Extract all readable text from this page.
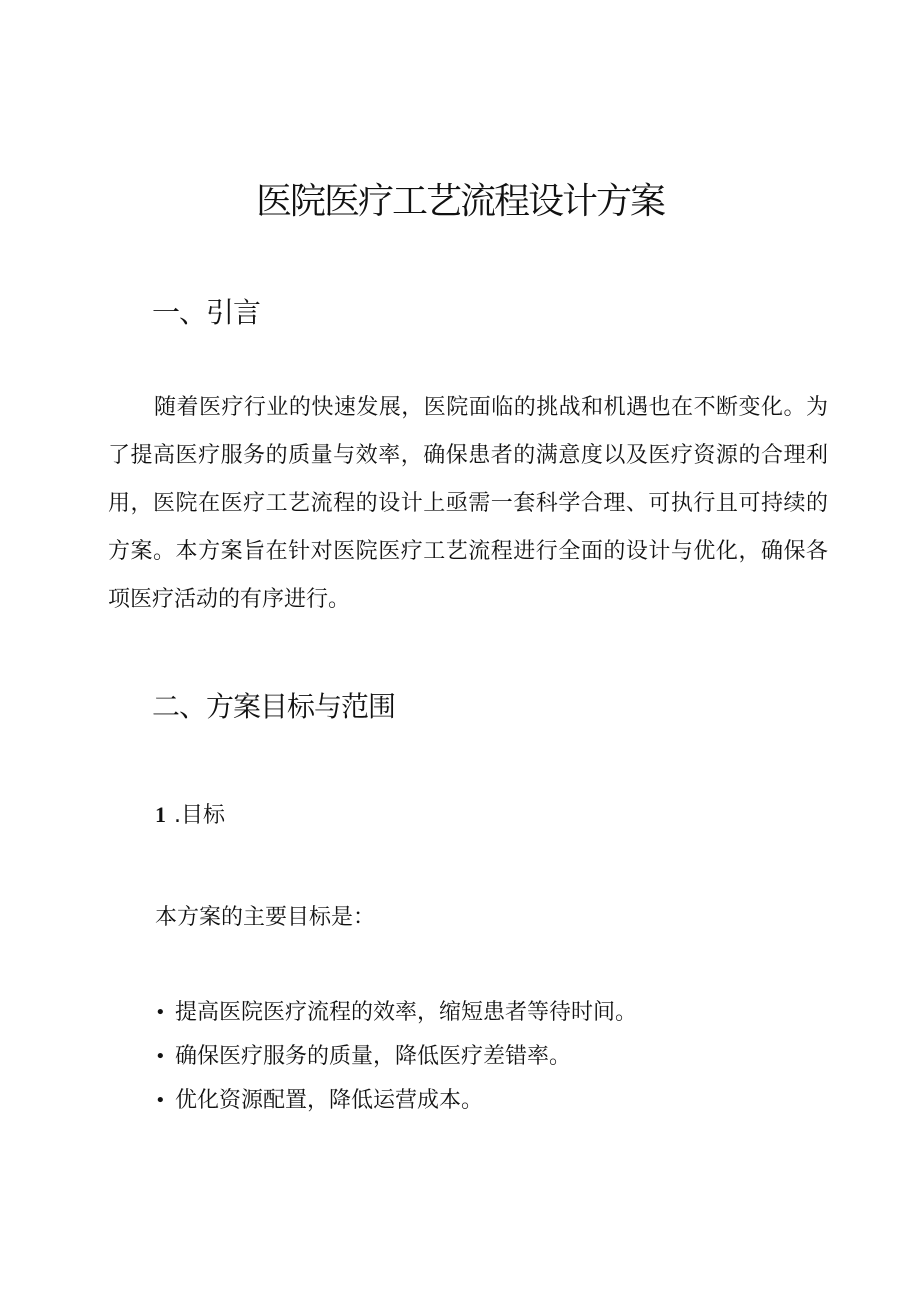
医院医疗工艺流程设计方案
一、引言

随着医疗行业的快速发展，医院面临的挑战和机遇也在不断变化。为了提高医疗服务的质量与效率，确保患者的满意度以及医疗资源的合理利用，医院在医疗工艺流程的设计上亟需一套科学合理、可执行且可持续的方案。本方案旨在针对医院医疗工艺流程进行全面的设计与优化，确保各项医疗活动的有序进行。

二、方案目标与范围
1 .目标
本方案的主要目标是：
• 提高医院医疗流程的效率，缩短患者等待时间。
• 确保医疗服务的质量，降低医疗差错率。
• 优化资源配置，降低运营成本。
